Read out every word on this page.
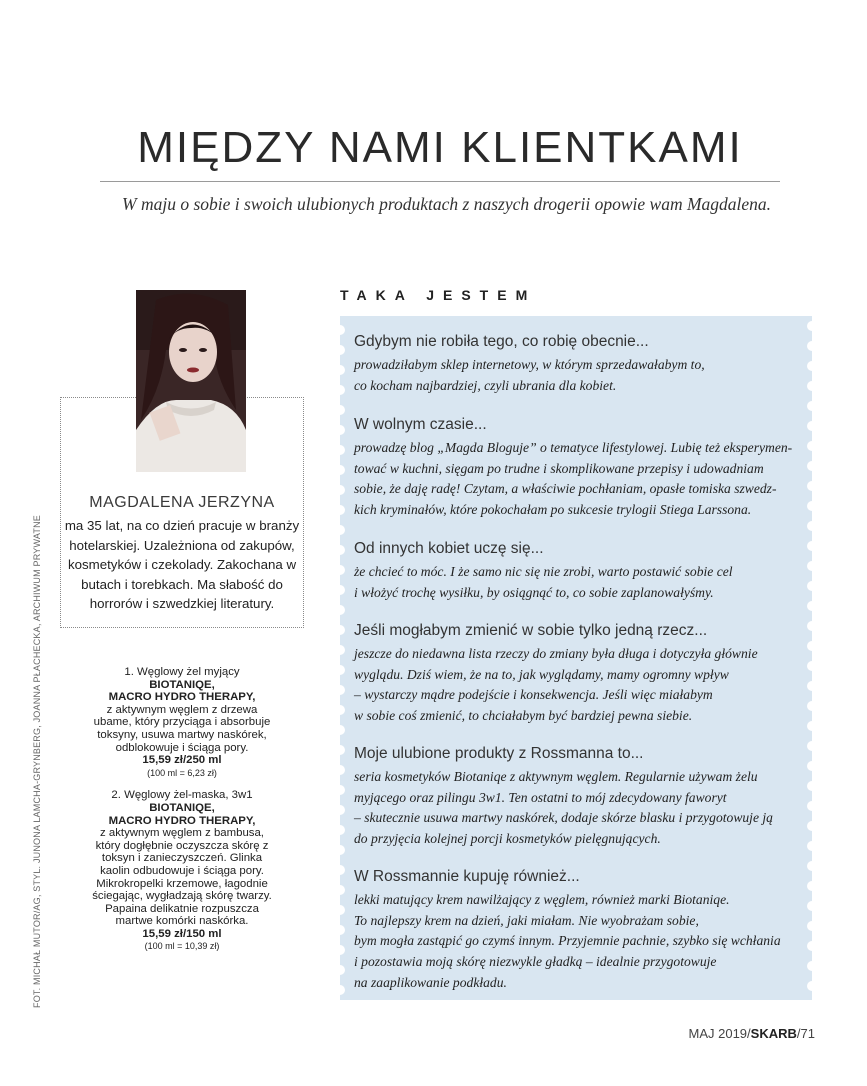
MIĘDZY NAMI KLIENTKAMI

W maju o sobie i swoich ulubionych produktach z naszych drogerii opowie wam Magdalena.

MAGDALENA JERZYNA

ma 35 lat, na co dzień pracuje w branży hotelarskiej. Uzależniona od zakupów, kosmetyków i czekolady. Zakochana w butach i torebkach. Ma słabość do horrorów i szwedzkiej literatury.

FOT. MICHAŁ MUTOR/AG, STYL. JUNONA LAMCHA-GRYNBERG, JOANNA PŁACHECKA, ARCHIWUM PRYWATNE	1. Węglowy żel myjący
BIOTANIQE,
MACRO HYDRO THERAPY,
z aktywnym węglem z drzewa ubame, który przyciąga i absorbuje toksyny, usuwa martwy naskórek, odblokowuje i ściąga pory.
15,59 zł/250 ml
(100 ml = 6,23 zł)
2. Węglowy żel-maska, 3w1
BIOTANIQE,
MACRO HYDRO THERAPY,
z aktywnym węglem z bambusa, który dogłębnie oczyszcza skórę z toksyn i zanieczyszczeń. Glinka kaolin odbudowuje i ściąga pory. Mikrokropelki krzemowe, łagodnie ściegając, wygładzają skórę twarzy. Papaina delikatnie rozpuszcza martwe komórki naskórka.
15,59 zł/150 ml
(100 ml = 10,39 zł)

TAKA JESTEM

Gdybym nie robiła tego, co robię obecnie...

prowadziłabym sklep internetowy, w którym sprzedawałabym to,
co kocham najbardziej, czyli ubrania dla kobiet.

W wolnym czasie...

prowadzę blog „Magda Bloguje” o tematyce lifestylowej. Lubię też eksperymen-
tować w kuchni, sięgam po trudne i skomplikowane przepisy i udowadniam
sobie, że daję radę! Czytam, a właściwie pochłaniam, opasłe tomiska szwedz-
kich kryminałów, które pokochałam po sukcesie trylogii Stiega Larssona.

Od innych kobiet uczę się...

że chcieć to móc. I że samo nic się nie zrobi, warto postawić sobie cel
i włożyć trochę wysiłku, by osiągnąć to, co sobie zaplanowałyśmy.

Jeśli mogłabym zmienić w sobie tylko jedną rzecz...

jeszcze do niedawna lista rzeczy do zmiany była długa i dotyczyła głównie
wyglądu. Dziś wiem, że na to, jak wyglądamy, mamy ogromny wpływ
– wystarczy mądre podejście i konsekwencja. Jeśli więc miałabym
w sobie coś zmienić, to chciałabym być bardziej pewna siebie.

Moje ulubione produkty z Rossmanna to...

seria kosmetyków Biotaniqe z aktywnym węglem. Regularnie używam żelu
myjącego oraz pilingu 3w1. Ten ostatni to mój zdecydowany faworyt
– skutecznie usuwa martwy naskórek, dodaje skórze blasku i przygotowuje ją
do przyjęcia kolejnej porcji kosmetyków pielęgnujących.

W Rossmannie kupuję również...

lekki matujący krem nawilżający z węglem, również marki Biotaniqe.
To najlepszy krem na dzień, jaki miałam. Nie wyobrażam sobie,
bym mogła zastąpić go czymś innym. Przyjemnie pachnie, szybko się wchłania
i pozostawia moją skórę niezwykle gładką – idealnie przygotowuje
na zaaplikowanie podkładu.

MAJ 2019/SKARB/71
